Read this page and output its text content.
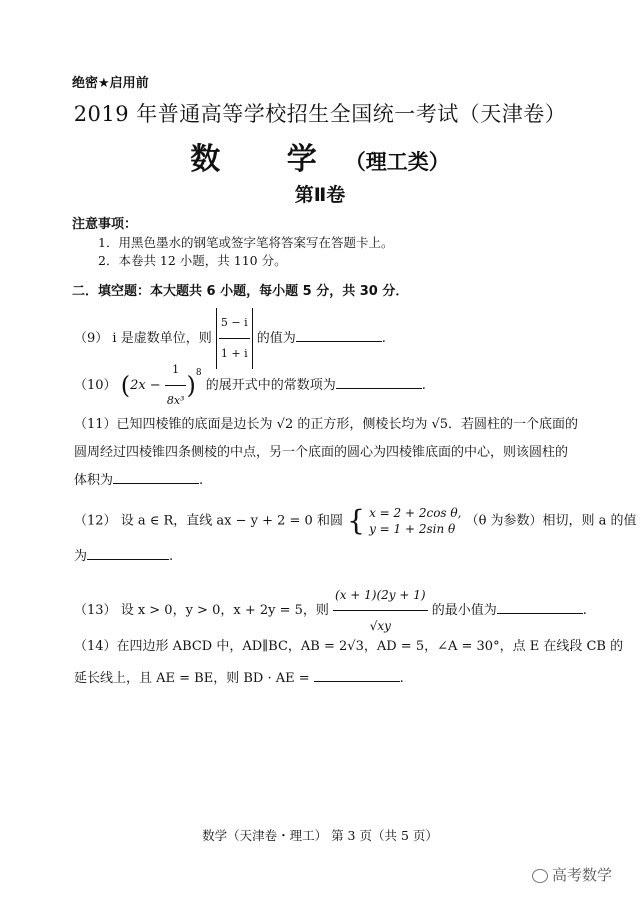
绝密★启用前
2019 年普通高等学校招生全国统一考试（天津卷）
数 学（理工类）
第Ⅱ卷
注意事项：
1．用黑色墨水的钢笔或签字笔将答案写在答题卡上。
2．本卷共 12 小题，共 110 分。
二．填空题：本大题共 6 小题，每小题 5 分，共 30 分．
（9） i 是虚数单位，则 $\frac{5 - i}{1 + i}$ 的值为	.
（10） $(2x - \frac{1}{\text{8x³}} )^8$ 的展开式中的常数项为	.
（11）已知四棱锥的底面是边长为 √2 的正方形，侧棱长均为 √5．若圆柱的一个底面的
圆周经过四棱锥四条侧棱的中点，另一个底面的圆心为四棱锥底面的中心，则该圆柱的
体积为	.
（12） 设 a ∈ R，直线 ax − y + 2 = 0 和圆 { x = 2 + 2cos θ,
y = 1 + 2sin θ
（θ 为参数）相切，则 a 的值
为	.
（13） 设 x > 0，y > 0，x + 2y = 5，则 $\frac{(x + 1)(2y + 1)}{√xy}$ 的最小值为	.
（14）在四边形 ABCD 中，AD∥BC，AB = 2√3，AD = 5，∠A = 30°，点 E 在线段 CB 的
延长线上，且 AE = BE，则 BD · AE =	.
数学（天津卷・理工） 第 3 页（共 5 页）
高考数学
